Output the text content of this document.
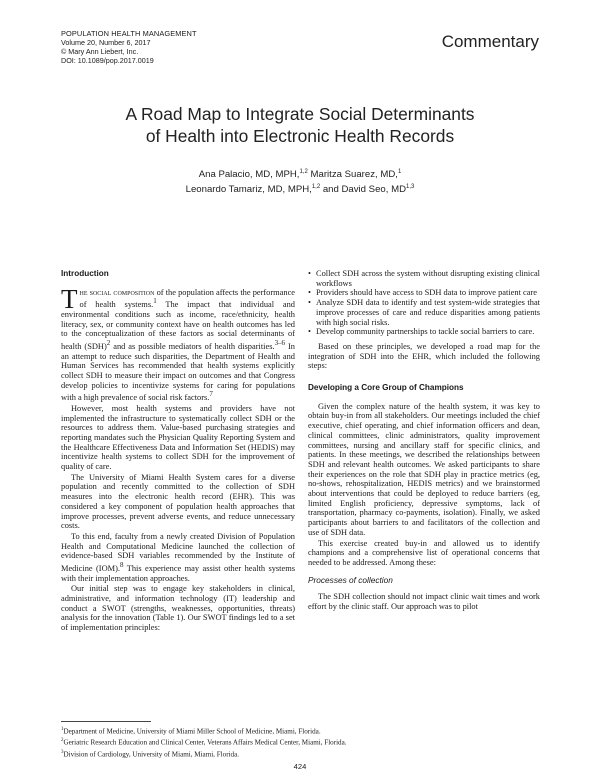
POPULATION HEALTH MANAGEMENT
Volume 20, Number 6, 2017
© Mary Ann Liebert, Inc.
DOI: 10.1089/pop.2017.0019
Commentary
A Road Map to Integrate Social Determinants
of Health into Electronic Health Records
Ana Palacio, MD, MPH,$^{1,2}$ Maritza Suarez, MD,$^1$
Leonardo Tamariz, MD, MPH,$^{1,2}$ and David Seo, MD$^{1,3}$
Introduction

The social composition of the population affects the performance of health systems.$^1$ The impact that individual and environmental conditions such as income, race/ethnicity, health literacy, sex, or community context have on health outcomes has led to the conceptualization of these factors as social determinants of health (SDH)$^2$ and as possible mediators of health disparities.$^{3-6}$ In an attempt to reduce such disparities, the Department of Health and Human Services has recommended that health systems explicitly collect SDH to measure their impact on outcomes and that Congress develop policies to incentivize systems for caring for populations with a high prevalence of social risk factors.$^7$

However, most health systems and providers have not implemented the infrastructure to systematically collect SDH or the resources to address them. Value-based purchasing strategies and reporting mandates such the Physician Quality Reporting System and the Healthcare Effectiveness Data and Information Set (HEDIS) may incentivize health systems to collect SDH for the improvement of quality of care.

The University of Miami Health System cares for a diverse population and recently committed to the collection of SDH measures into the electronic health record (EHR). This was considered a key component of population health approaches that improve processes, prevent adverse events, and reduce unnecessary costs.

To this end, faculty from a newly created Division of Population Health and Computational Medicine launched the collection of evidence-based SDH variables recommended by the Institute of Medicine (IOM).$^8$ This experience may assist other health systems with their implementation approaches.

Our initial step was to engage key stakeholders in clinical, administrative, and information technology (IT) leadership and conduct a SWOT (strengths, weaknesses, opportunities, threats) analysis for the innovation (Table 1). Our SWOT findings led to a set of implementation principles:

• Collect SDH across the system without disrupting existing clinical workflows
• Providers should have access to SDH data to improve patient care
• Analyze SDH data to identify and test system-wide strategies that improve processes of care and reduce disparities among patients with high social risks.
• Develop community partnerships to tackle social barriers to care.

Based on these principles, we developed a road map for the integration of SDH into the EHR, which included the following steps:

Developing a Core Group of Champions

Given the complex nature of the health system, it was key to obtain buy-in from all stakeholders. Our meetings included the chief executive, chief operating, and chief information officers and dean, clinical committees, clinic administrators, quality improvement committees, nursing and ancillary staff for specific clinics, and patients. In these meetings, we described the relationships between SDH and relevant health outcomes. We asked participants to share their experiences on the role that SDH play in practice metrics (eg, no-shows, rehospitalization, HEDIS metrics) and we brainstormed about interventions that could be deployed to reduce barriers (eg, limited English proficiency, depressive symptoms, lack of transportation, pharmacy co-payments, isolation). Finally, we asked participants about barriers to and facilitators of the collection and use of SDH data.

This exercise created buy-in and allowed us to identify champions and a comprehensive list of operational concerns that needed to be addressed. Among these:

Processes of collection

The SDH collection should not impact clinic wait times and work effort by the clinic staff. Our approach was to pilot

$^1$Department of Medicine, University of Miami Miller School of Medicine, Miami, Florida.
$^2$Geriatric Research Education and Clinical Center, Veterans Affairs Medical Center, Miami, Florida.
$^3$Division of Cardiology, University of Miami, Miami, Florida.
424
